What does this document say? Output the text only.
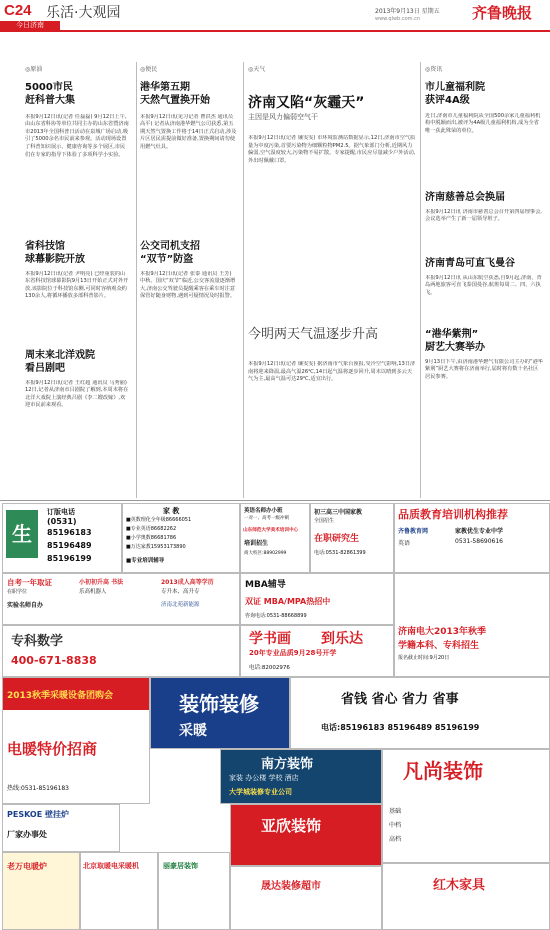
C24 乐活·大观园
今日济南
2013年9月13日 星期五
www.qlwb.com.cn	齐鲁晚报
◎原油
5000市民
赶科普大集
本报9月12日讯(记者 任磊磊) 9月12日上午,由山东省科协等单位共同主办的山东省暨济南市2013年全国科普日活动在泉城广场启动,吸引了5000余名市民前来参观。活动现场设置了科普知识展示、健康咨询等多个展区,市民们在专家的指导下体验了多项科学小实验。
省科技馆
球幕影院开放
本报9月12日讯(记者 尹明亮) 已经重装的山东省科技馆球幕影院9月13日开始正式对外开放,该影院位于科技馆东侧,可同时容纳观众约130余人,将循环播放多部科普影片。
周末来北洋戏院
看吕剧吧
本报9月12日讯(记者 王红超 通讯员 马秀丽) 12日,记者从济南市吕剧院了解到,本周末将在北洋大戏院上演经典吕剧《李二嫂改嫁》,欢迎市民前来观看。
◎便民
港华第五期
天然气置换开始
本报9月12日讯(见习记者 曹洪杰 通讯员 高平) 记者从济南港华燃气公司获悉,第五期天然气置换工作将于14日正式启动,涉及片区居民需提前做好准备,置换期间请勿使用燃气灶具。
公交司机支招
“双节”防盗
本报9月12日讯(记者 张泰 通讯员 王芳) 中秋、国庆“双节”临近,公交客流量逐渐增大,济南公交驾驶员提醒乘客在乘车时注意保管好随身财物,遇到可疑情况及时报警。
◎天气
济南又陷“灰霾天”
主因是风力偏弱空气干
本报9月12日讯(记者 廉雯雯) 市环境监测站数据显示,12日,济南市空气质量为中度污染,首要污染物为细颗粒物PM2.5。据气象部门分析,近期风力偏弱,空气湿度较大,污染物不易扩散。专家提醒,市民应尽量减少户外活动,外出时佩戴口罩。
今明两天气温逐步升高
本报9月12日讯(记者 廉雯雯) 据济南市气象台预报,受冷空气影响,13日济南将迎来降温,最高气温26℃,14日起气温将逐步回升,周末以晴到多云天气为主,最高气温可达29℃,适宜出行。
◎资讯
市儿童福利院
获评4A级
近日,济南市儿童福利院从全国500余家儿童福利机构中脱颖而出,被评为4A级儿童福利机构,成为全省唯一获此殊荣的单位。
济南慈善总会换届
本报9月12日讯 济南市慈善总会召开第四届理事会,会议选举产生了新一届领导班子。
济南青岛可直飞曼谷
本报9月12日讯 从山东航空获悉,自9月起,济南、青岛两地旅客可直飞泰国曼谷,航班每周二、四、六执飞。
“港华紫荆”
厨艺大赛举办
9月13日下午,由济南港华燃气有限公司主办的“港华紫荆”厨艺大赛将在济南举行,届时将有数十名社区居民参赛。
生
订版电话
(0531)
85196183
85196489
85196199
家 教
■英数理化全年级86666051
■专业英语86682262
■小学奥数86681786
■万达家教15953173890
■专业培训辅导
英语名师办小班
一对一、高考一级冲刺
山东师范大学美术培训中心
培训招生
商大校区:88902999
初三高三中国家教
全国招生
在职研究生
电话:0531-82861399
品质教育培训机构推荐
齐鲁教育网
英语
家教优生专业中学
0531-58690616
自考一年取证
在职学位
实验名师自办
小初初升高 书法
乐高机器人
2013成人高等学历
专升本、高升专
济南北苑新能源
MBA辅导
双证 MBA/MPA热招中
咨询电话:0531-88668899
学书画 到乐达
20年专业品质9月28号开学
电话:82002976
济南电大2013年秋季
学籍本科、专科招生
报名截止时间:9月20日
专科数学
400-671-8838
2013秋季采暖设备团购会
电暖特价招商
热线:0531-85196183
装饰装修
采暖
省钱 省心 省力 省事
电话:85196183 85196489 85196199
南方装饰
家装 办公楼 学校 酒店
大学城装修专业公司
凡尚装饰
基础
中档
高档
PESKOE 壁挂炉
厂家办事处
老万电暖炉	北京取暖电采暖机	丽豪居装饰
亚欣装饰
晟达装修超市	红木家具
